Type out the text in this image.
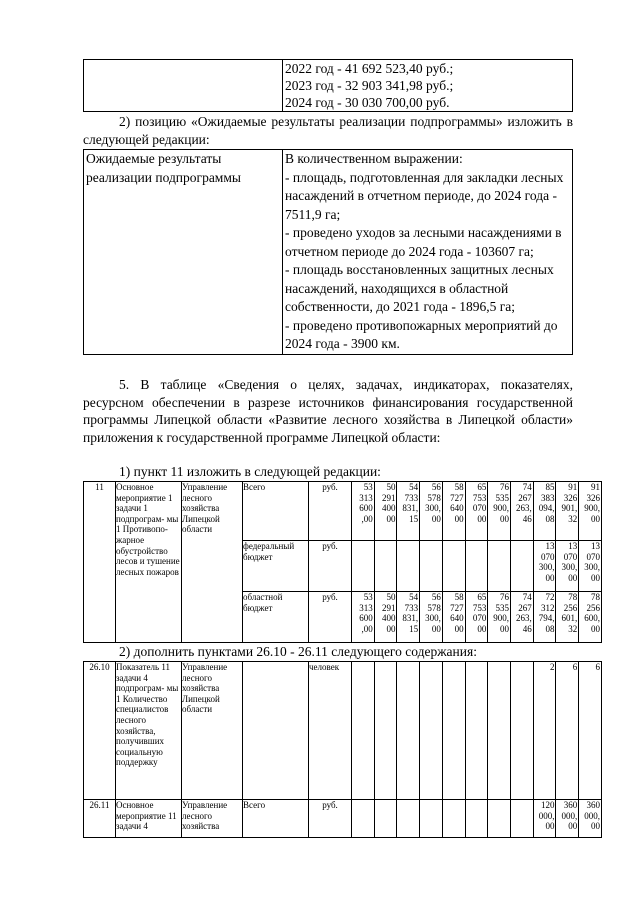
2022 год - 41 692 523,40 руб.;
2023 год - 32 903 341,98 руб.;
2024 год - 30 030 700,00 руб.

2) позицию «Ожидаемые результаты реализации подпрограммы» изложить в следующей редакции:

Ожидаемые результаты реализации подпрограммы	
В количественном выражении:
- площадь, подготовленная для закладки лесных насаждений в отчетном периоде, до 2024 года - 7511,9 га;
- проведено уходов за лесными насаждениями в отчетном периоде до 2024 года - 103607 га;
- площадь восстановленных защитных лесных насаждений, находящихся в областной собственности, до 2021 года - 1896,5 га;
- проведено противопожарных мероприятий до 2024 года - 3900 км.

5. В таблице «Сведения о целях, задачах, индикаторах, показателях, ресурсном обеспечении в разрезе источников финансирования государственной программы Липецкой области «Развитие лесного хозяйства в Липецкой области» приложения к государственной программе Липецкой области:

1) пункт 11 изложить в следующей редакции:

11	Основное мероприятие 1 задачи 1 подпрограм- мы 1 Противопо- жарное обустройство лесов и тушение лесных пожаров	Управление лесного хозяйства Липецкой области	Всего	руб.	53
313
600
,00	50
291
400
00	54
733
831,
15	56
578
300,
00	58
727
640
00	65
753
070
00	76
535
900,
00	74
267
263,
46	85
383
094,
08	91
326
901,
32	91
326
900,
00	
			федеральный бюджет	руб.									13
070
300,
00	13
070
300,
00	13
070
300,
00	
			областной бюджет	руб.	53
313
600
,00	50
291
400
00	54
733
831,
15	56
578
300,
00	58
727
640
00	65
753
070
00	76
535
900,
00	74
267
263,
46	72
312
794,
08	78
256
601,
32	78
256
600,
00	

2) дополнить пунктами 26.10 - 26.11 следующего содержания:

26.10	Показатель 11 задачи 4 подпрограм- мы 1 Количество специалистов лесного хозяйства, получивших социальную поддержку	Управление лесного хозяйства Липецкой области		человек									2	6	6	
26.11	Основное мероприятие 11 задачи 4	Управление лесного хозяйства	Всего	руб.									120
000,
00	360
000,
00	360
000,
00	
